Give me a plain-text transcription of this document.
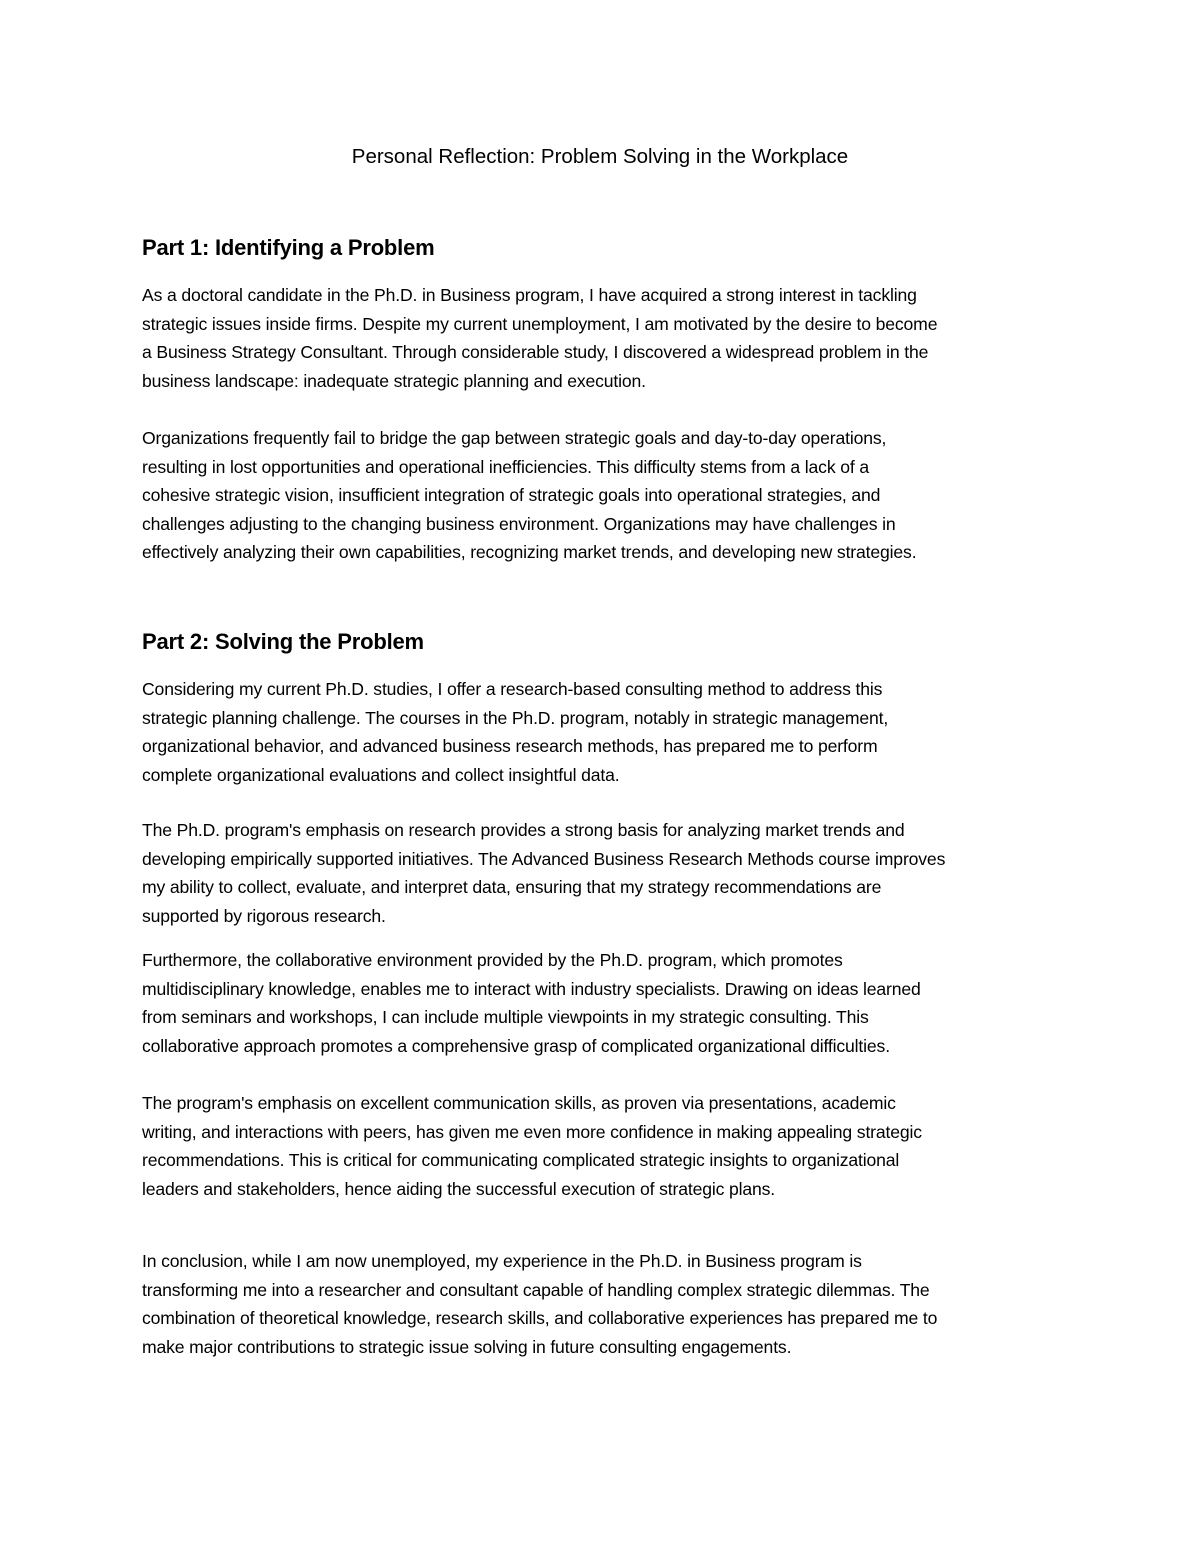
Personal Reflection: Problem Solving in the Workplace
Part 1: Identifying a Problem

As a doctoral candidate in the Ph.D. in Business program, I have acquired a strong interest in tackling
strategic issues inside firms. Despite my current unemployment, I am motivated by the desire to become
a Business Strategy Consultant. Through considerable study, I discovered a widespread problem in the
business landscape: inadequate strategic planning and execution.

Organizations frequently fail to bridge the gap between strategic goals and day-to-day operations,
resulting in lost opportunities and operational inefficiencies. This difficulty stems from a lack of a
cohesive strategic vision, insufficient integration of strategic goals into operational strategies, and
challenges adjusting to the changing business environment. Organizations may have challenges in
effectively analyzing their own capabilities, recognizing market trends, and developing new strategies.

Part 2: Solving the Problem

Considering my current Ph.D. studies, I offer a research-based consulting method to address this
strategic planning challenge. The courses in the Ph.D. program, notably in strategic management,
organizational behavior, and advanced business research methods, has prepared me to perform
complete organizational evaluations and collect insightful data.

The Ph.D. program's emphasis on research provides a strong basis for analyzing market trends and
developing empirically supported initiatives. The Advanced Business Research Methods course improves
my ability to collect, evaluate, and interpret data, ensuring that my strategy recommendations are
supported by rigorous research.

Furthermore, the collaborative environment provided by the Ph.D. program, which promotes
multidisciplinary knowledge, enables me to interact with industry specialists. Drawing on ideas learned
from seminars and workshops, I can include multiple viewpoints in my strategic consulting. This
collaborative approach promotes a comprehensive grasp of complicated organizational difficulties.

The program's emphasis on excellent communication skills, as proven via presentations, academic
writing, and interactions with peers, has given me even more confidence in making appealing strategic
recommendations. This is critical for communicating complicated strategic insights to organizational
leaders and stakeholders, hence aiding the successful execution of strategic plans.

In conclusion, while I am now unemployed, my experience in the Ph.D. in Business program is
transforming me into a researcher and consultant capable of handling complex strategic dilemmas. The
combination of theoretical knowledge, research skills, and collaborative experiences has prepared me to
make major contributions to strategic issue solving in future consulting engagements.
